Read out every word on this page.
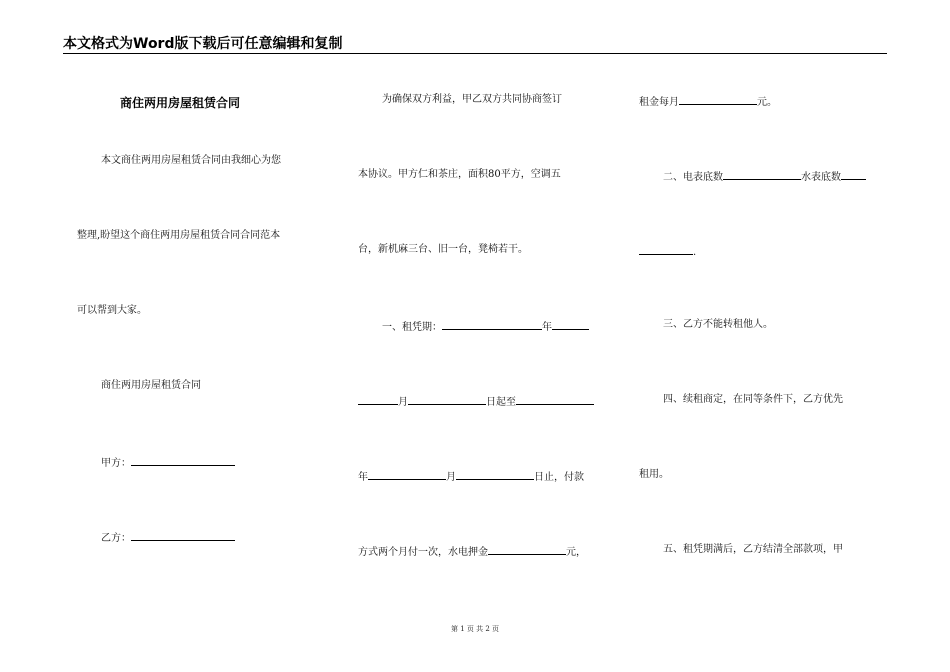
本文格式为Word版下载后可任意编辑和复制
商住两用房屋租赁合同
本文商住两用房屋租赁合同由我细心为您
整理,盼望这个商住两用房屋租赁合同合同范本
可以帮到大家。
商住两用房屋租赁合同
甲方：
乙方：
为确保双方利益，甲乙双方共同协商签订
本协议。甲方仁和茶庄，面积80平方，空调五
台，新机麻三台、旧一台，凳椅若干。
一、租凭期：	年
月	日起至
年	月	日止，付款
方式两个月付一次，水电押金	元，
租金每月	元。
二、电表底数	水表底数
.
三、乙方不能转租他人。
四、续租商定，在同等条件下，乙方优先
租用。
五、租凭期满后，乙方结清全部款项，甲
第 1 页 共 2 页
